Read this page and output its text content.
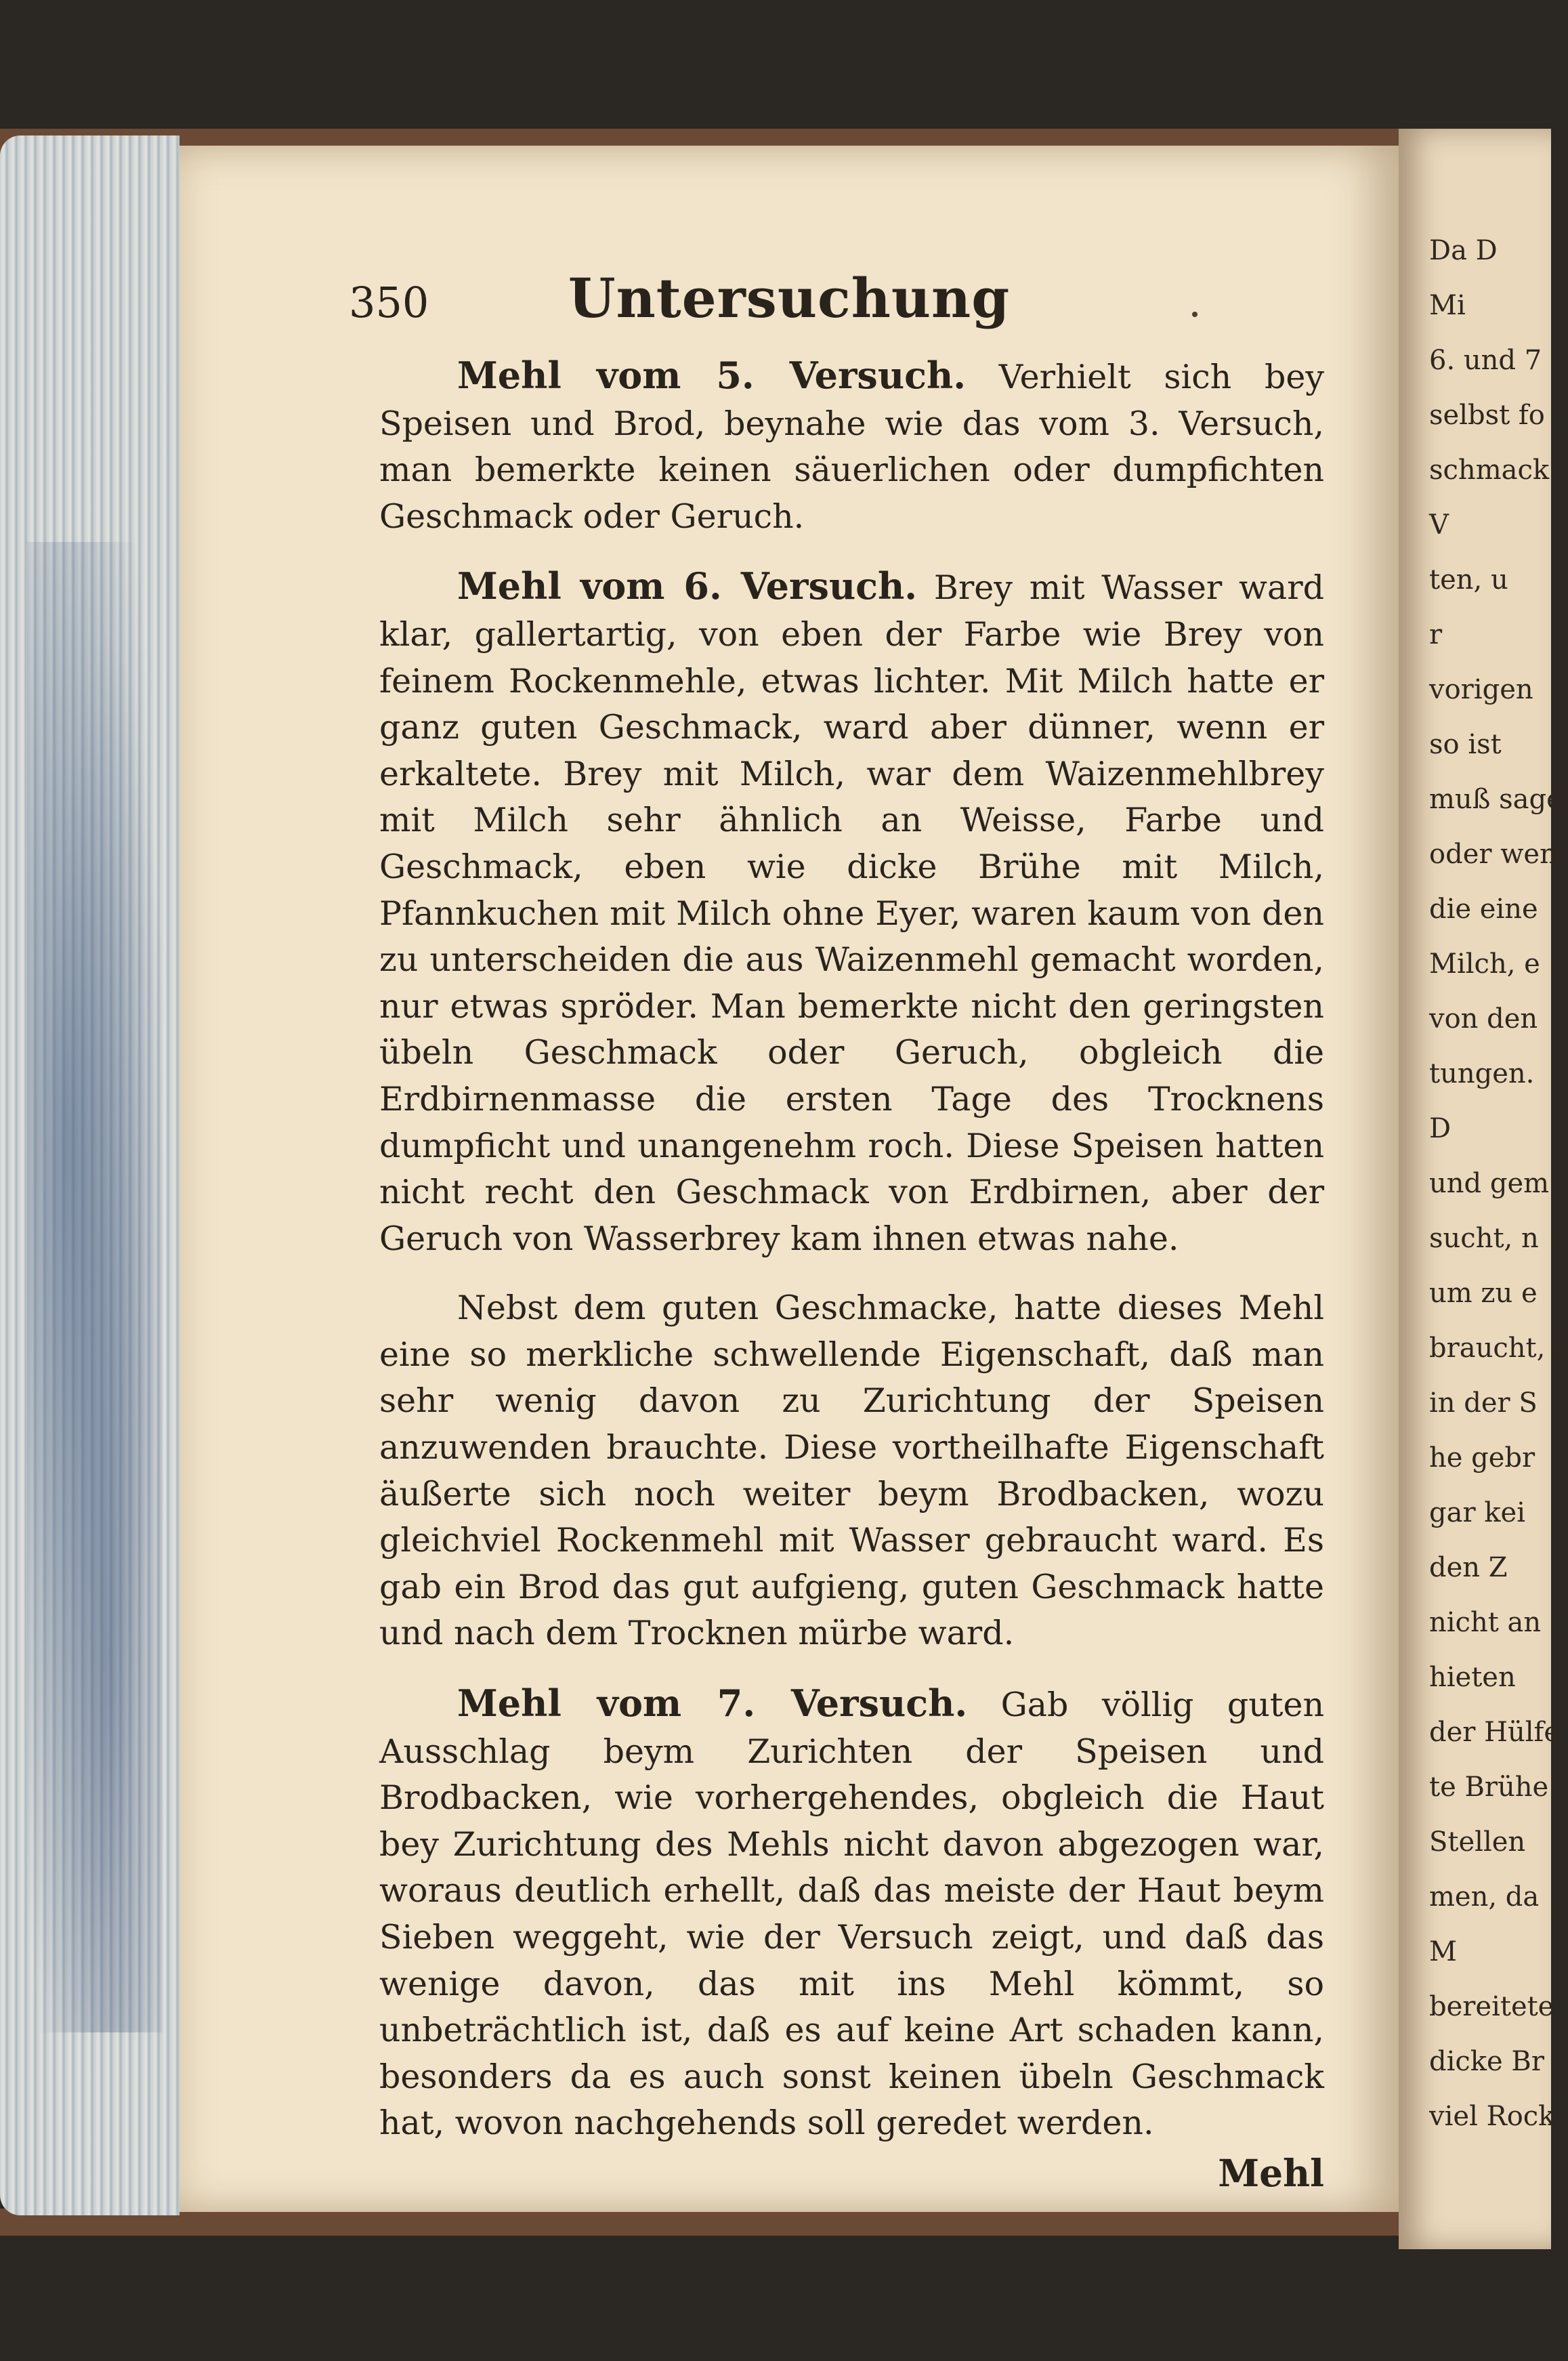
350	Untersuchung

Mehl vom 5. Versuch. Verhielt sich bey Speisen und Brod, beynahe wie das vom 3. Versuch, man bemerkte keinen säuerlichen oder dumpfichten Geschmack oder Geruch.

Mehl vom 6. Versuch. Brey mit Wasser ward klar, gallertartig, von eben der Farbe wie Brey von feinem Rockenmehle, etwas lichter. Mit Milch hatte er ganz guten Geschmack, ward aber dünner, wenn er erkaltete. Brey mit Milch, war dem Waizenmehlbrey mit Milch sehr ähnlich an Weisse, Farbe und Geschmack, eben wie dicke Brühe mit Milch, Pfannkuchen mit Milch ohne Eyer, waren kaum von den zu unterscheiden die aus Waizenmehl gemacht worden, nur etwas spröder. Man bemerkte nicht den geringsten übeln Geschmack oder Geruch, obgleich die Erdbirnenmasse die ersten Tage des Trocknens dumpficht und unangenehm roch. Diese Speisen hatten nicht recht den Geschmack von Erdbirnen, aber der Geruch von Wasserbrey kam ihnen etwas nahe.

Nebst dem guten Geschmacke, hatte dieses Mehl eine so merkliche schwellende Eigenschaft, daß man sehr wenig davon zu Zurichtung der Speisen anzuwenden brauchte. Diese vortheilhafte Eigenschaft äußerte sich noch weiter beym Brodbacken, wozu gleichviel Rockenmehl mit Wasser gebraucht ward. Es gab ein Brod das gut aufgieng, guten Geschmack hatte und nach dem Trocknen mürbe ward.

Mehl vom 7. Versuch. Gab völlig guten Ausschlag beym Zurichten der Speisen und Brodbacken, wie vorhergehendes, obgleich die Haut bey Zurichtung des Mehls nicht davon abgezogen war, woraus deutlich erhellt, daß das meiste der Haut beym Sieben weggeht, wie der Versuch zeigt, und daß das wenige davon, das mit ins Mehl kömmt, so unbeträchtlich ist, daß es auf keine Art schaden kann, besonders da es auch sonst keinen übeln Geschmack hat, wovon nachgehends soll geredet werden.

Mehl
Da D
Mi
6. und 7
selbst fo
schmack
V
ten, u
r
vorigen
so ist
muß sage
oder wen
die eine
Milch, e
von den
tungen.
D
und gem
sucht, n
um zu e
braucht, z
in der S
he gebr
gar kei
den Z
nicht an
hieten
der Hülfe
te Brühe
Stellen
men, da
M
bereitete
dicke Br
viel Rock
